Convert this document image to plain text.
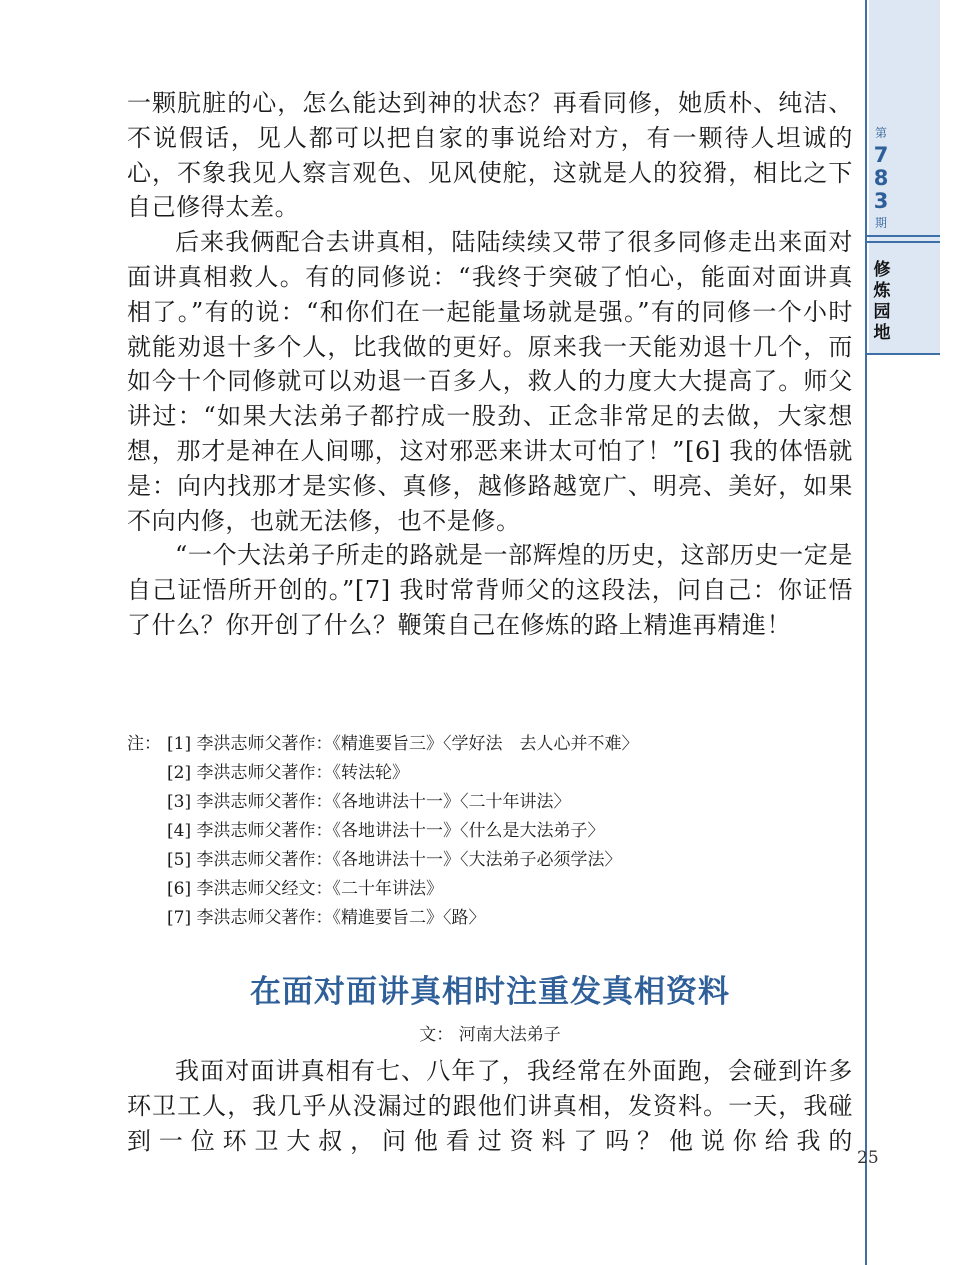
第
7
8
3
期
修
炼
园
地

一颗肮脏的心，怎么能达到神的状态？再看同修，她质朴、纯洁、不说假话，见人都可以把自家的事说给对方，有一颗待人坦诚的心，不象我见人察言观色、见风使舵，这就是人的狡猾，相比之下自己修得太差。

后来我俩配合去讲真相，陆陆续续又带了很多同修走出来面对面讲真相救人。有的同修说：“我终于突破了怕心，能面对面讲真相了。”有的说：“和你们在一起能量场就是强。”有的同修一个小时就能劝退十多个人，比我做的更好。原来我一天能劝退十几个，而如今十个同修就可以劝退一百多人，救人的力度大大提高了。师父讲过：“如果大法弟子都拧成一股劲、正念非常足的去做，大家想想，那才是神在人间哪，这对邪恶来讲太可怕了！”[6] 我的体悟就是：向内找那才是实修、真修，越修路越宽广、明亮、美好，如果不向内修，也就无法修，也不是修。

“一个大法弟子所走的路就是一部辉煌的历史，这部历史一定是自己证悟所开创的。”[7] 我时常背师父的这段法，问自己：你证悟了什么？你开创了什么？鞭策自己在修炼的路上精進再精進！

注： [1] 李洪志师父著作：《精進要旨三》〈学好法　去人心并不难〉
[2] 李洪志师父著作：《转法轮》
[3] 李洪志师父著作：《各地讲法十一》〈二十年讲法〉
[4] 李洪志师父著作：《各地讲法十一》〈什么是大法弟子〉
[5] 李洪志师父著作：《各地讲法十一》〈大法弟子必须学法〉
[6] 李洪志师父经文：《二十年讲法》
[7] 李洪志师父著作：《精進要旨二》〈路〉
在面对面讲真相时注重发真相资料
文： 河南大法弟子

我面对面讲真相有七、八年了，我经常在外面跑，会碰到许多环卫工人，我几乎从没漏过的跟他们讲真相，发资料。一天，我碰到一位环卫大叔，问他看过资料了吗？他说你给我的

25
